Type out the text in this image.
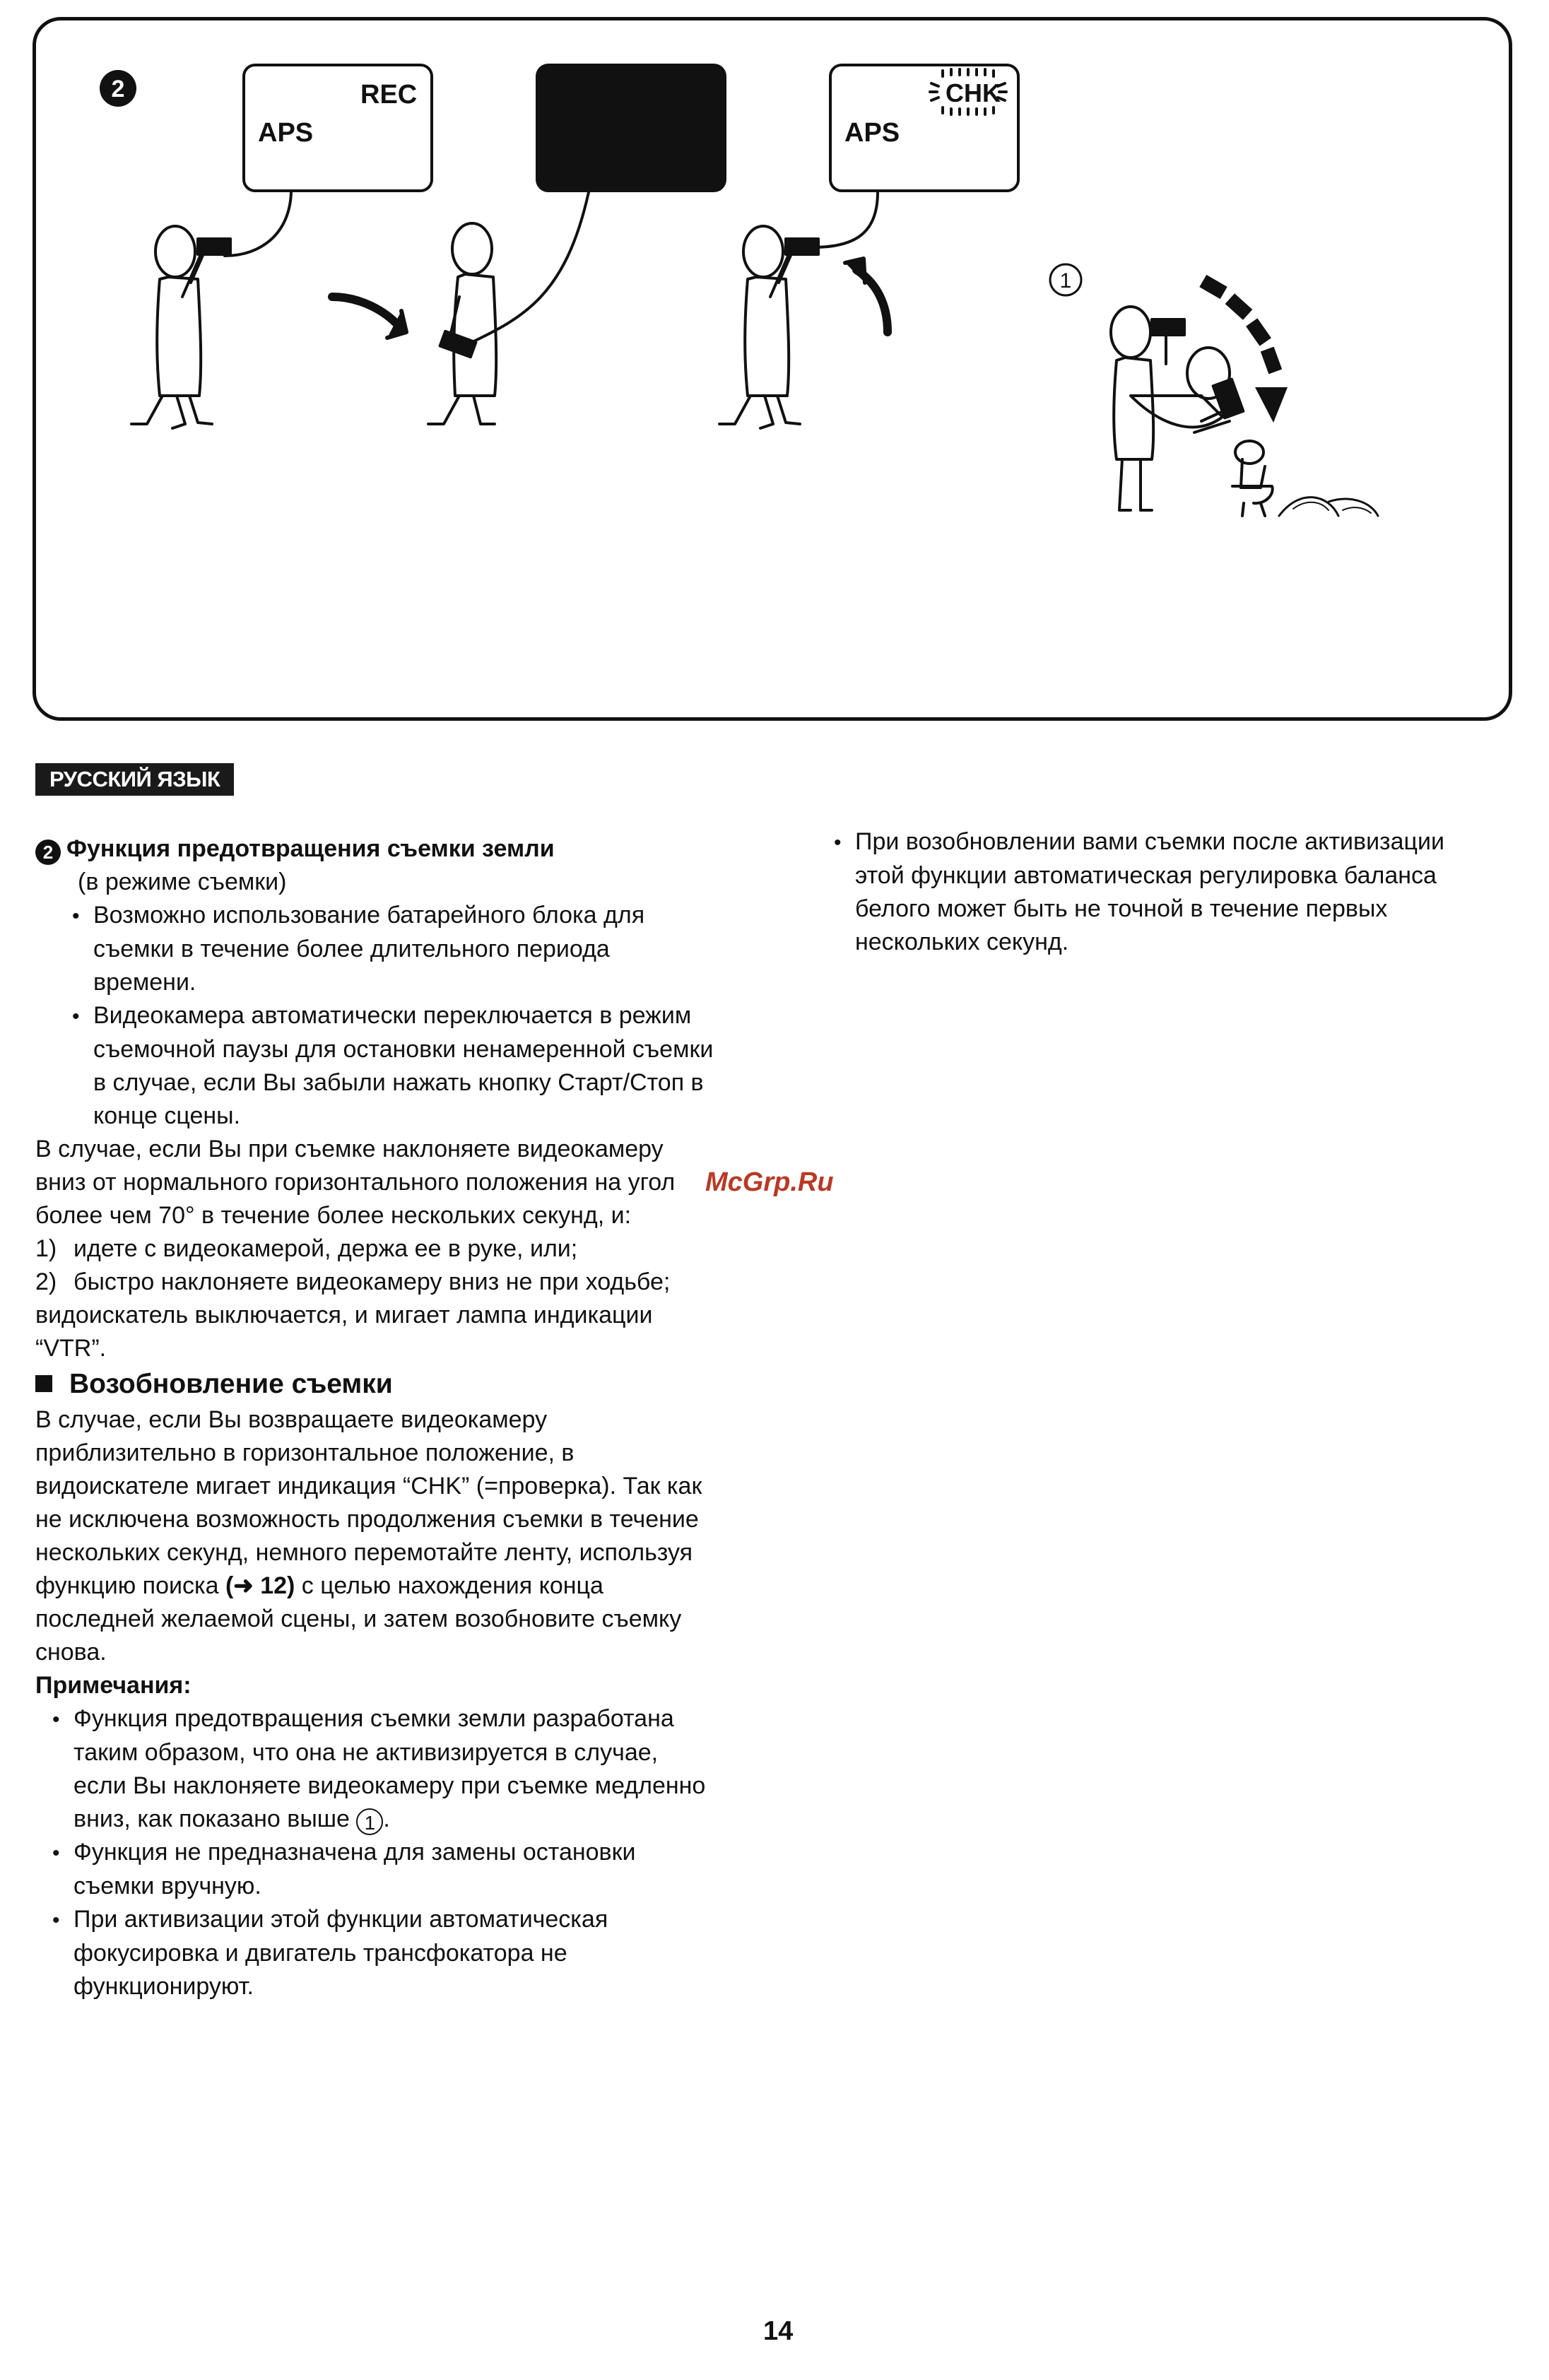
2	REC
APS
CHK
APS
1
РУССКИЙ ЯЗЫК

2 Функция предотвращения съемки земли

(в режиме съемки)

• Возможно использование батарейного блока для съемки в течение более длительного периода времени.

• Видеокамера автоматически переключается в режим съемочной паузы для остановки ненамеренной съемки в случае, если Вы забыли нажать кнопку Старт/Стоп в конце сцены.

В случае, если Вы при съемке наклоняете видеокамеру вниз от нормального горизонтального положения на угол более чем 70° в течение более нескольких секунд, и:

1) идете с видеокамерой, держа ее в руке, или;

2) быстро наклоняете видеокамеру вниз не при ходьбе;

видоискатель выключается, и мигает лампа индикации “VTR”.

Возобновление съемки

В случае, если Вы возвращаете видеокамеру приблизительно в горизонтальное положение, в видоискателе мигает индикация “CHK” (=проверка). Так как не исключена возможность продолжения съемки в течение нескольких секунд, немного перемотайте ленту, используя функцию поиска (➜ 12) с целью нахождения конца последней желаемой сцены, и затем возобновите съемку снова.

Примечания:

• Функция предотвращения съемки земли разработана таким образом, что она не активизируется в случае, если Вы наклоняете видеокамеру при съемке медленно вниз, как показано выше 1 .

• Функция не предназначена для замены остановки съемки вручную.

• При активизации этой функции автоматическая фокусировка и двигатель трансфокатора не функционируют.

• При возобновлении вами съемки после активизации этой функции автоматическая регулировка баланса белого может быть не точной в течение первых нескольких секунд.

McGrp.Ru
14
